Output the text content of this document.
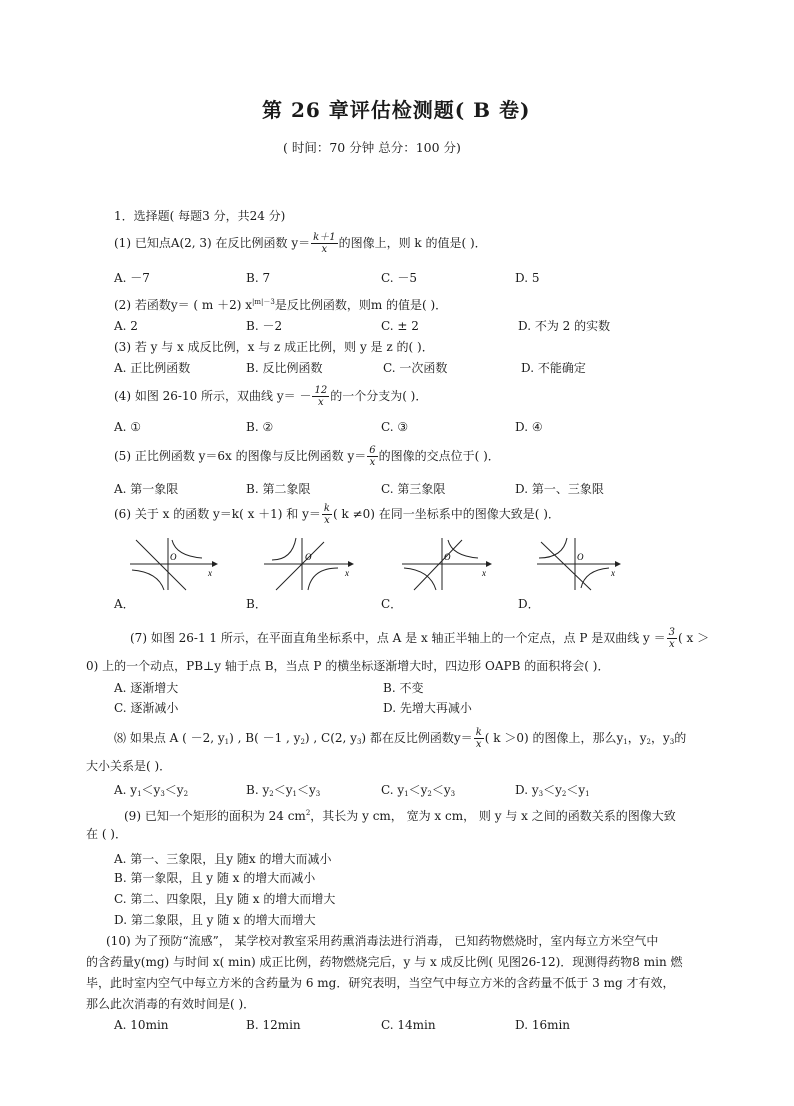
第 26 章评估检测题( B 卷)
( 时间：70 分钟 总分：100 分)
1．选择题( 每题3 分，共24 分)
(1) 已知点A(2, 3) 在反比例函数 $y= \frac{k+1}{x}$ 的图像上，则 k 的值是( )．
A. －7	B. 7	C. －5	D. 5
(2) 若函数y＝ ( m ＋2) $x^{|m|-3}$是反比例函数，则m 的值是( )．
A. 2	B. －2	C. ± 2	D. 不为 2 的实数
(3) 若 y 与 x 成反比例，x 与 z 成正比例，则 y 是 z 的( )．
A. 正比例函数	B. 反比例函数	C. 一次函数	D. 不能确定
(4) 如图 26-10 所示，双曲线 $y= - \frac{12}{x}$ 的一个分支为( )．
A. ①	B. ②	C. ③	D. ④
(5) 正比例函数 y＝6x 的图像与反比例函数 $y= \frac{6}{x}$ 的图像的交点位于( )．
A. 第一象限	B. 第二象限	C. 第三象限	D. 第一、三象限
(6) 关于 x 的函数 y＝k( x ＋1) 和 $y= \frac{k}{x}$ ( k ≠0) 在同一坐标系中的图像大致是( )．
O
x
O
x
O
x
O
x
A．	B．	C．	D．
(7) 如图 26-1 1 所示，在平面直角坐标系中，点 A 是 x 轴正半轴上的一个定点，点 P 是双曲线 $y = \frac{3}{x}$ ( x ＞
0) 上的一个动点，PB⊥y 轴于点 B，当点 P 的横坐标逐渐增大时，四边形 OAPB 的面积将会( )．
A. 逐渐增大	B. 不变
C. 逐渐减小	D. 先增大再减小
⑻ 如果点 A ( －2, y1) , B( －1 , y2) , C(2, y3) 都在反比例函数$y= \frac{k}{x}$ ( k ＞0) 的图像上，那么y1，y2，y3的
大小关系是( )．
A. y1＜y3＜y2	B. y2＜y1＜y3	C. y1＜y2＜y3	D. y3＜y2＜y1
(9) 已知一个矩形的面积为 24 $cm^2$，其长为 y cm， 宽为 x cm， 则 y 与 x 之间的函数关系的图像大致
在 ( )．
A. 第一、三象限，且y 随x 的增大而减小
B. 第一象限，且 y 随 x 的增大而减小
C. 第二、四象限，且y 随 x 的增大而增大
D. 第二象限，且 y 随 x 的增大而增大
(10) 为了预防“流感”， 某学校对教室采用药熏消毒法进行消毒， 已知药物燃烧时，室内每立方米空气中
的含药量y(mg) 与时间 x( min) 成正比例，药物燃烧完后，y 与 x 成反比例( 见图26-12)．现测得药物8 min 燃
毕，此时室内空气中每立方米的含药量为 6 mg．研究表明，当空气中每立方米的含药量不低于 3 mg 才有效，
那么此次消毒的有效时间是( )．
A. 10min	B. 12min	C. 14min	D. 16min
